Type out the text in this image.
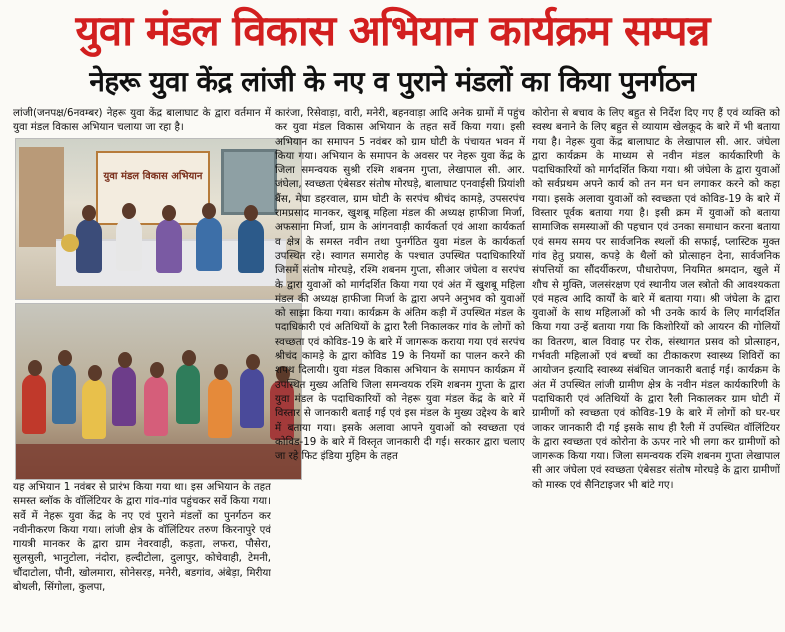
युवा मंडल विकास अभियान कार्यक्रम सम्पन्न
नेहरू युवा केंद्र लांजी के नए व पुराने मंडलों का किया पुनर्गठन
लांजी(जनपक्ष/6नवम्बर) नेहरू युवा केंद्र बालाघाट के द्वारा वर्तमान में युवा मंडल विकास अभियान चलाया जा रहा है।
युवा मंडल विकास अभियान
यह अभियान 1 नवंबर से प्रारंभ किया गया था। इस अभियान के तहत समस्त ब्लॉक के वॉलिंटियर के द्वारा गांव-गांव पहुंचकर सर्वे किया गया। सर्वे में नेहरू युवा केंद्र के नए एवं पुराने मंडलों का पुनर्गठन कर नवीनीकरण किया गया। लांजी क्षेत्र के वॉलिंटियर तरुण किरनापुरे एवं गायत्री मानकर के द्वारा ग्राम नेवरवाही, कड़ता, लफरा, पौसेरा, सुलसुली, भानुटोला, नंदोरा, हल्दीटोला, दुलापुर, कोचेवाही, टेमनी, चौंदाटोला, पौनी, खोलमारा, सोनेसरड़, मनेरी, बडगांव, अंबेड़ा, मिरीया बोथली, सिंगोला, कुलपा,
कारंजा, रिसेवाड़ा, वारी, मनेरी, बहनवाड़ा आदि अनेक ग्रामों में पहुंच कर युवा मंडल विकास अभियान के तहत सर्वे किया गया। इसी अभियान का समापन 5 नवंबर को ग्राम घोटी के पंचायत भवन में किया गया। अभियान के समापन के अवसर पर नेहरू युवा केंद्र के जिला समन्वयक सुश्री रश्मि शबनम गुप्ता, लेखापाल सी. आर. जंघेला, स्वच्छता एंबेसडर संतोष मोरघड़े, बालाघाट एनवाईसी प्रियांशी बैंस, मेघा डहरवाल, ग्राम घोटी के सरपंच श्रीचंद कामड़े, उपसरपंच रामप्रसाद मानकर, खुशबू महिला मंडल की अध्यक्ष हाफीजा मिर्जा, अफसाना मिर्जा, ग्राम के आंगनवाड़ी कार्यकर्ता एवं आशा कार्यकर्ता व क्षेत्र के समस्त नवीन तथा पुनर्गठित युवा मंडल के कार्यकर्ता उपस्थित रहे। स्वागत समारोह के पश्चात उपस्थित पदाधिकारियों जिसमें संतोष मोरघड़े, रश्मि शबनम गुप्ता, सीआर जंघेला व सरपंच के द्वारा युवाओं को मार्गदर्शित किया गया एवं अंत में खुशबू महिला मंडल की अध्यक्ष हाफीजा मिर्जा के द्वारा अपने अनुभव को युवाओं को साझा किया गया। कार्यक्रम के अंतिम कड़ी में उपस्थित मंडल के पदाधिकारी एवं अतिथियों के द्वारा रैली निकालकर गांव के लोगों को स्वच्छता एवं कोविड-19 के बारे में जागरूक कराया गया एवं सरपंच श्रीचंद कामड़े के द्वारा कोविड 19 के नियमों का पालन करने की शपथ दिलायी। युवा मंडल विकास अभियान के समापन कार्यक्रम में उपस्थित मुख्य अतिथि जिला समन्वयक रश्मि शबनम गुप्ता के द्वारा युवा मंडल के पदाधिकारियों को नेहरू युवा मंडल केंद्र के बारे में विस्तार से जानकारी बताई गई एवं इस मंडल के मुख्य उद्देश्य के बारे में बताया गया। इसके अलावा आपने युवाओं को स्वच्छता एवं कोविड-19 के बारे में विस्तृत जानकारी दी गई। सरकार द्वारा चलाए जा रहे फिट इंडिया मुहिम के तहत
कोरोना से बचाव के लिए बहुत से निर्देश दिए गए हैं एवं व्यक्ति को स्वस्थ बनाने के लिए बहुत से व्यायाम खेलकूद के बारे में भी बताया गया है। नेहरू युवा केंद्र बालाघाट के लेखापाल सी. आर. जंघेला द्वारा कार्यक्रम के माध्यम से नवीन मंडल कार्यकारिणी के पदाधिकारियों को मार्गदर्शित किया गया। श्री जंघेला के द्वारा युवाओं को सर्वप्रथम अपने कार्य को तन मन धन लगाकर करने को कहा गया। इसके अलावा युवाओं को स्वच्छता एवं कोविड-19 के बारे में विस्तार पूर्वक बताया गया है। इसी क्रम में युवाओं को बताया सामाजिक समस्याओं की पहचान एवं उनका समाधान करना बताया एवं समय समय पर सार्वजनिक स्थलों की सफाई, प्लास्टिक मुक्त गांव हेतु प्रयास, कपड़े के थैलों को प्रोत्साहन देना, सार्वजनिक संपत्तियों का सौंदर्यीकरण, पौधारोपण, नियमित श्रमदान, खुले में शौच से मुक्ति, जलसंरक्षण एवं स्थानीय जल स्त्रोतो की आवश्यकता एवं महत्व आदि कार्यों के बारे में बताया गया। श्री जंघेला के द्वारा युवाओं के साथ महिलाओं को भी उनके कार्य के लिए मार्गदर्शित किया गया उन्हें बताया गया कि किशोरियों को आयरन की गोलियों का वितरण, बाल विवाह पर रोक, संस्थागत प्रसव को प्रोत्साहन, गर्भवती महिलाओं एवं बच्चों का टीकाकरण स्वास्थ्य शिविरों का आयोजन इत्यादि स्वास्थ्य संबंधित जानकारी बताई गई। कार्यक्रम के अंत में उपस्थित लांजी ग्रामीण क्षेत्र के नवीन मंडल कार्यकारिणी के पदाधिकारी एवं अतिथियों के द्वारा रैली निकालकर ग्राम घोटी में ग्रामीणों को स्वच्छता एवं कोविड-19 के बारे में लोगों को घर-घर जाकर जानकारी दी गई इसके साथ ही रैली में उपस्थित वॉलिंटियर के द्वारा स्वच्छता एवं कोरोना के ऊपर नारे भी लगा कर ग्रामीणों को जागरूक किया गया। जिला समन्वयक रश्मि शबनम गुप्ता लेखापाल सी आर जंघेला एवं स्वच्छता एंबेसडर संतोष मोरघड़े के द्वारा ग्रामीणों को मास्क एवं सैनिटाइजर भी बांटे गए।
